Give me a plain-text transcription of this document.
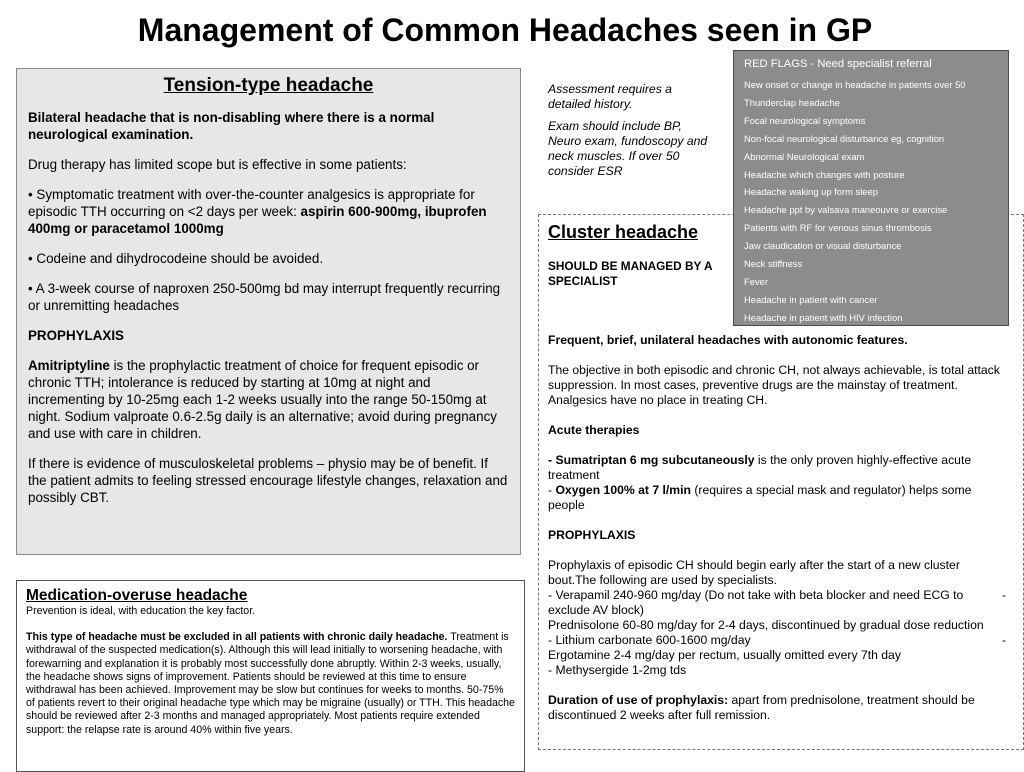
Management of Common Headaches seen in GP

Tension-type headache

Bilateral headache that is non-disabling where there is a normal neurological examination.

Drug therapy has limited scope but is effective in some patients:

• Symptomatic treatment with over-the-counter analgesics is appropriate for episodic TTH occurring on <2 days per week: aspirin 600-900mg, ibuprofen 400mg or paracetamol 1000mg

• Codeine and dihydrocodeine should be avoided.

• A 3-week course of naproxen 250-500mg bd may interrupt frequently recurring or unremitting headaches

PROPHYLAXIS

Amitriptyline is the prophylactic treatment of choice for frequent episodic or chronic TTH; intolerance is reduced by starting at 10mg at night and incrementing by 10-25mg each 1-2 weeks usually into the range 50-150mg at night. Sodium valproate 0.6-2.5g daily is an alternative; avoid during pregnancy and use with care in children.

If there is evidence of musculoskeletal problems – physio may be of benefit. If the patient admits to feeling stressed encourage lifestyle changes, relaxation and possibly CBT.

Assessment requires a detailed history.

Exam should include BP, Neuro exam, fundoscopy and neck muscles. If over 50 consider ESR

Cluster headache

SHOULD BE MANAGED BY A SPECIALIST

Frequent, brief, unilateral headaches with autonomic features.

The objective in both episodic and chronic CH, not always achievable, is total attack suppression. In most cases, preventive drugs are the mainstay of treatment. Analgesics have no place in treating CH.

Acute therapies

- Sumatriptan 6 mg subcutaneously is the only proven highly-effective acute treatment
- Oxygen 100% at 7 l/min (requires a special mask and regulator) helps some people

PROPHYLAXIS

Prophylaxis of episodic CH should begin early after the start of a new cluster bout.The following are used by specialists.
-
- Verapamil 240-960 mg/day (Do not take with beta blocker and need ECG to exclude AV block)
Prednisolone 60-80 mg/day for 2-4 days, discontinued by gradual dose reduction
-
- Lithium carbonate 600-1600 mg/day
Ergotamine 2-4 mg/day per rectum, usually omitted every 7th day
- Methysergide 1-2mg tds

Duration of use of prophylaxis: apart from prednisolone, treatment should be discontinued 2 weeks after full remission.

RED FLAGS - Need specialist referral
New onset or change in headache in patients over 50
Thunderclap headache
Focal neurological symptoms
Non-focal neurological disturbance eg, cognition
Abnormal Neurological exam
Headache which changes with posture
Headache waking up form sleep
Headache ppt by valsava maneouvre or exercise
Patients with RF for venous sinus thrombosis
Jaw claudication or visual disturbance
Neck stiffness
Fever
Headache in patient with cancer
Headache in patient with HIV infection
Medication-overuse headache

Prevention is ideal, with education the key factor.

This type of headache must be excluded in all patients with chronic daily headache. Treatment is withdrawal of the suspected medication(s). Although this will lead initially to worsening headache, with forewarning and explanation it is probably most successfully done abruptly. Within 2-3 weeks, usually, the headache shows signs of improvement. Patients should be reviewed at this time to ensure withdrawal has been achieved. Improvement may be slow but continues for weeks to months. 50-75% of patients revert to their original headache type which may be migraine (usually) or TTH. This headache should be reviewed after 2-3 months and managed appropriately. Most patients require extended support: the relapse rate is around 40% within five years.
